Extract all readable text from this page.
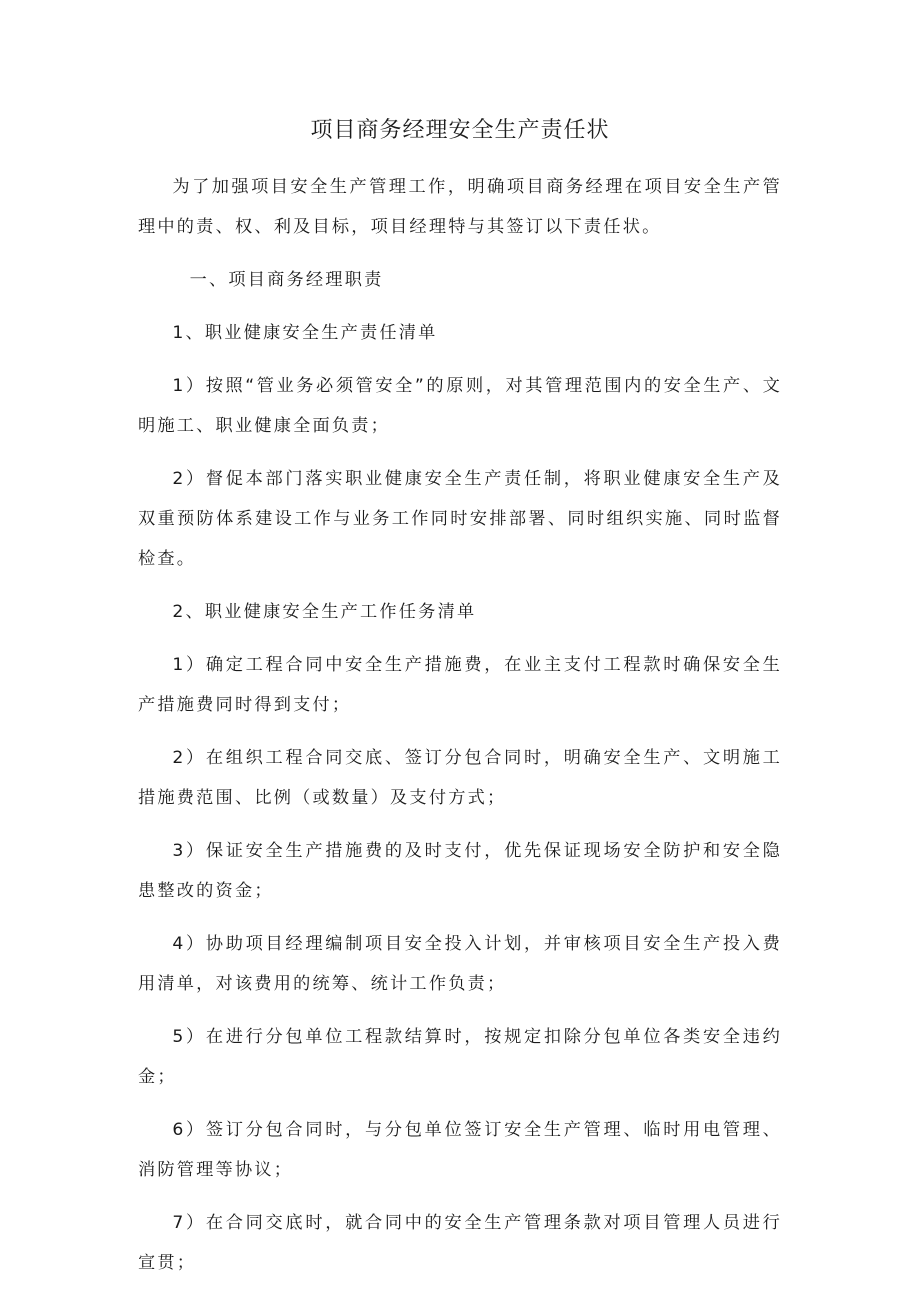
项目商务经理安全生产责任状

为了加强项目安全生产管理工作，明确项目商务经理在项目安全生产管理中的责、权、利及目标，项目经理特与其签订以下责任状。

一、项目商务经理职责

1、职业健康安全生产责任清单

1）按照“管业务必须管安全”的原则，对其管理范围内的安全生产、文明施工、职业健康全面负责；

2）督促本部门落实职业健康安全生产责任制，将职业健康安全生产及双重预防体系建设工作与业务工作同时安排部署、同时组织实施、同时监督检查。

2、职业健康安全生产工作任务清单

1）确定工程合同中安全生产措施费，在业主支付工程款时确保安全生产措施费同时得到支付；

2）在组织工程合同交底、签订分包合同时，明确安全生产、文明施工措施费范围、比例（或数量）及支付方式；

3）保证安全生产措施费的及时支付，优先保证现场安全防护和安全隐患整改的资金；

4）协助项目经理编制项目安全投入计划，并审核项目安全生产投入费用清单，对该费用的统筹、统计工作负责；

5）在进行分包单位工程款结算时，按规定扣除分包单位各类安全违约金；

6）签订分包合同时，与分包单位签订安全生产管理、临时用电管理、消防管理等协议；

7）在合同交底时，就合同中的安全生产管理条款对项目管理人员进行宣贯；
